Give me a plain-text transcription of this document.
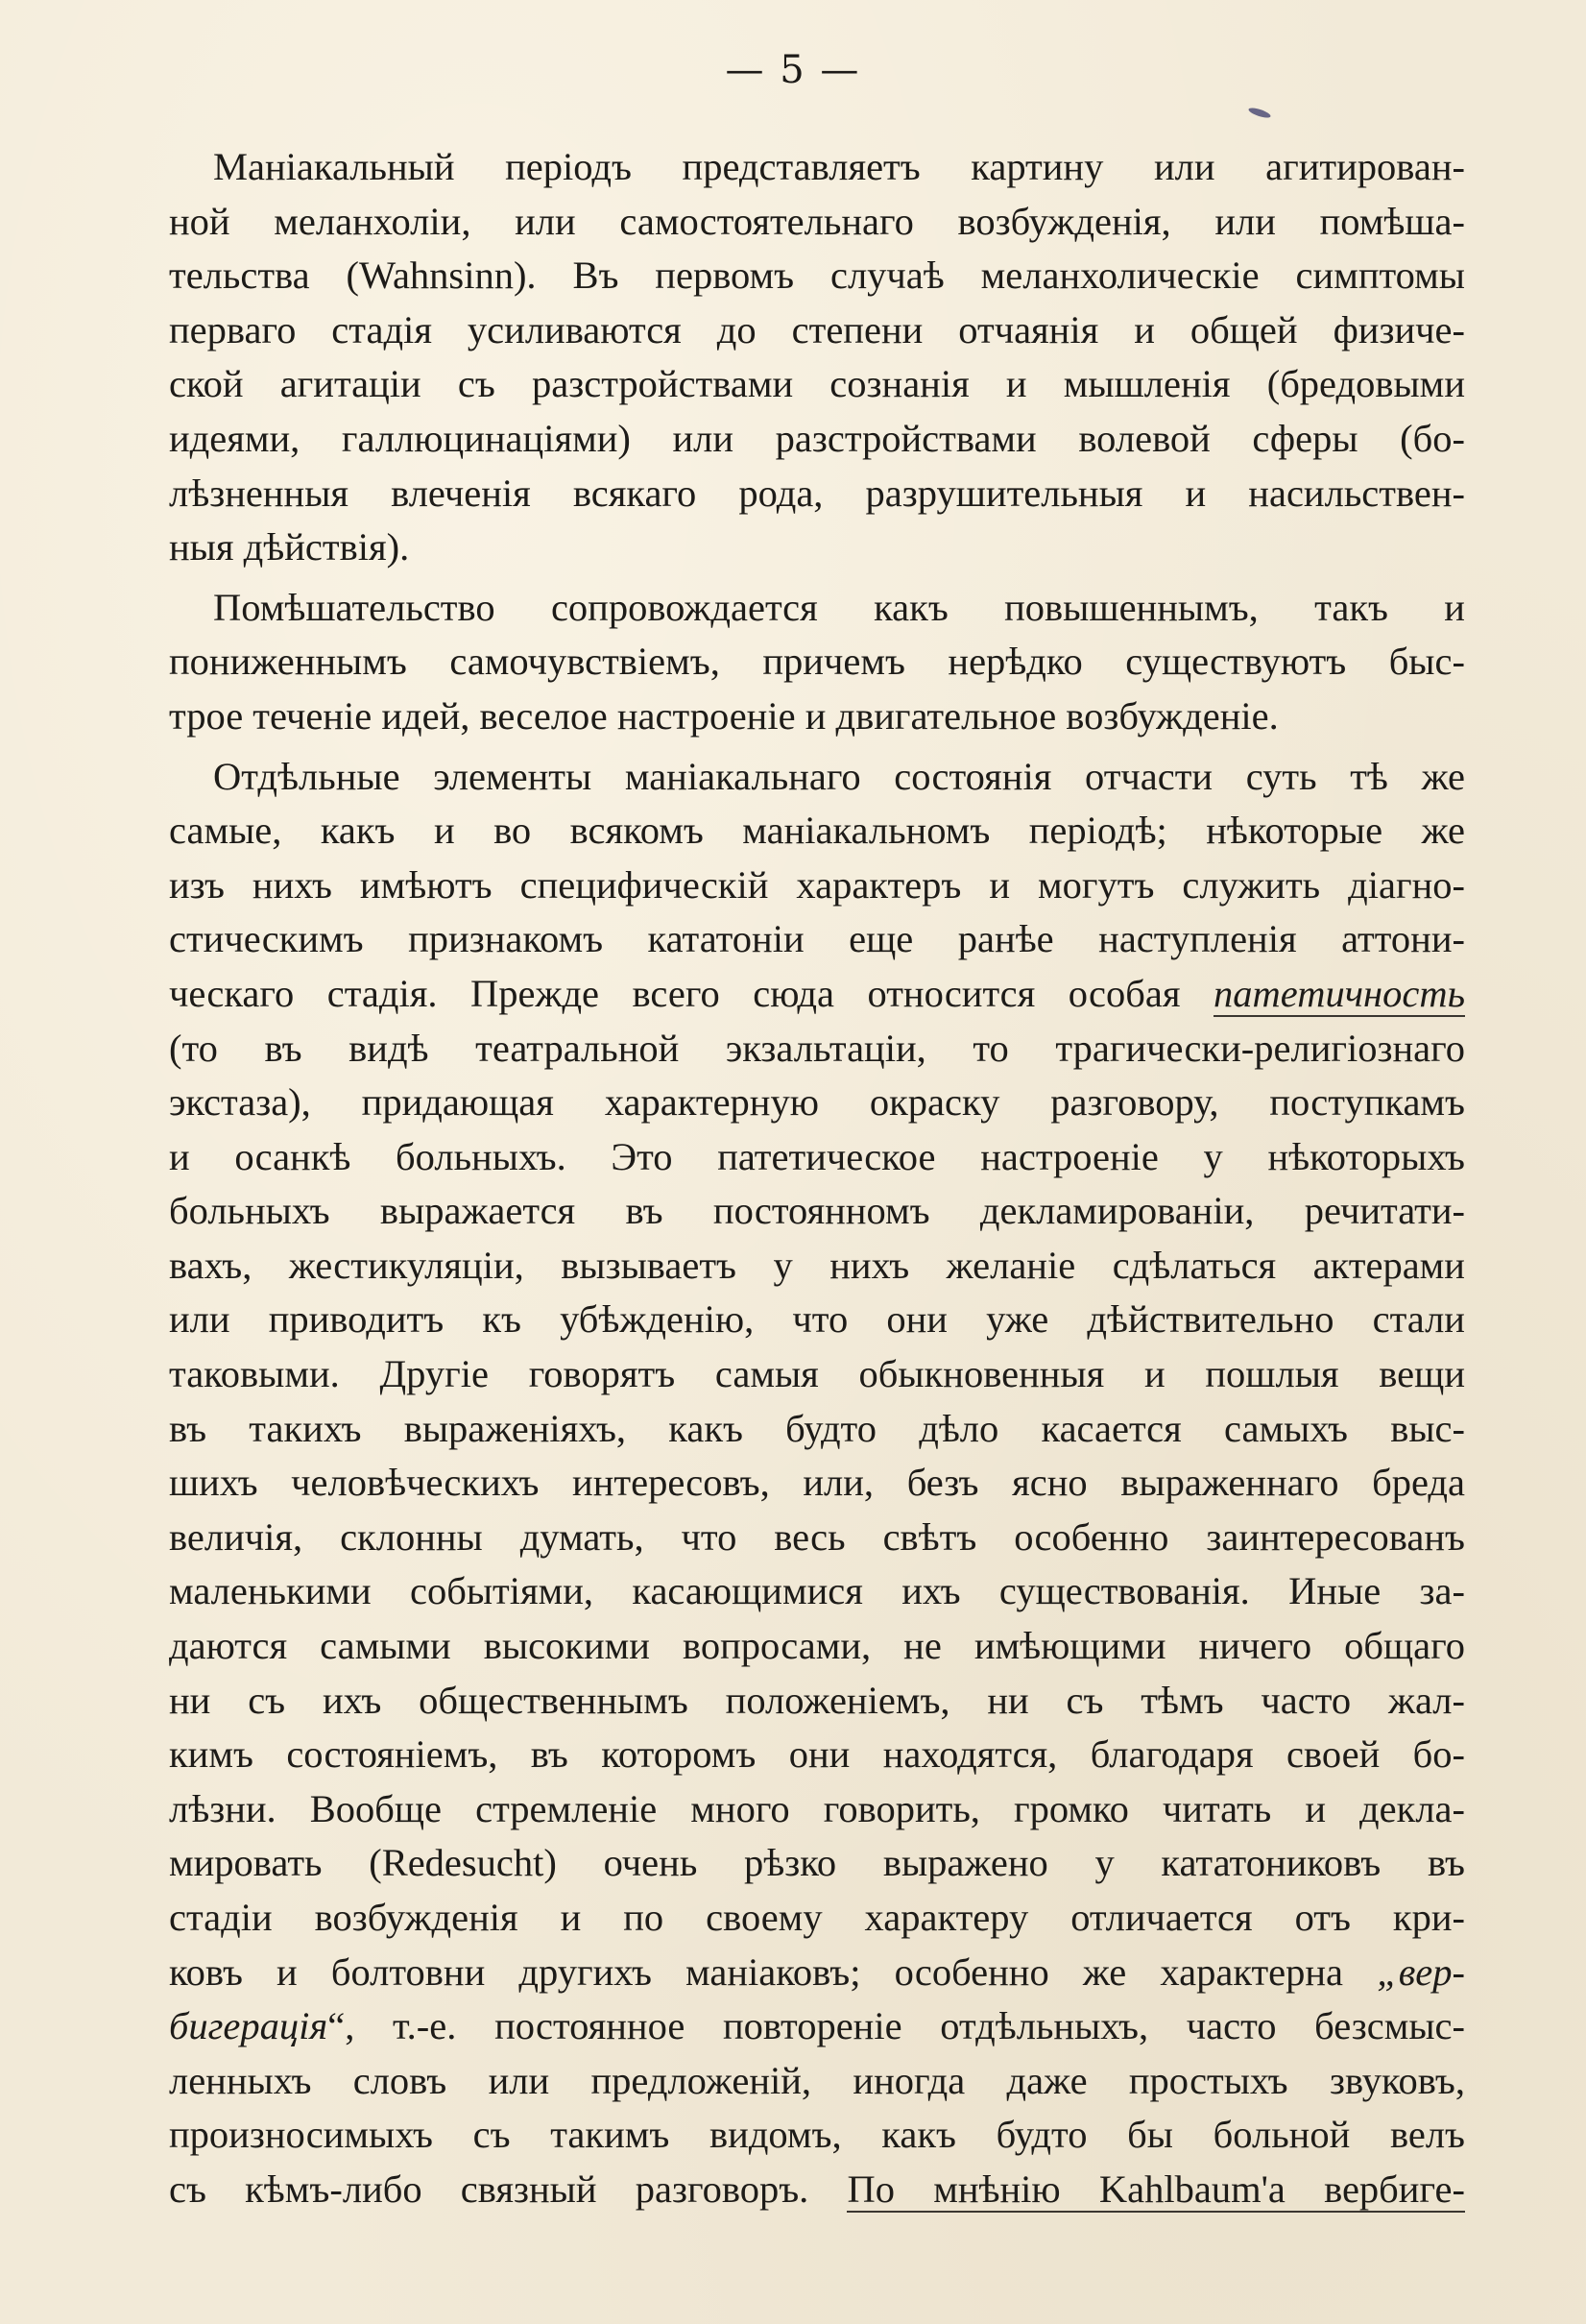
— 5 —
Маніакальный періодъ представляетъ картину или агитирован-
ной меланхоліи, или самостоятельнаго возбужденія, или помѣша-
тельства (Wahnsinn). Въ первомъ случаѣ меланхолическіе симптомы
перваго стадія усиливаются до степени отчаянія и общей физиче-
ской агитаціи съ разстройствами сознанія и мышленія (бредовыми
идеями, галлюцинаціями) или разстройствами волевой сферы (бо-
лѣзненныя влеченія всякаго рода, разрушительныя и насильствен-
ныя дѣйствія).
Помѣшательство сопровождается какъ повышеннымъ, такъ и
пониженнымъ самочувствіемъ, причемъ нерѣдко существуютъ быс-
трое теченіе идей, веселое настроеніе и двигательное возбужденіе.
Отдѣльные элементы маніакальнаго состоянія отчасти суть тѣ же
самые, какъ и во всякомъ маніакальномъ періодѣ; нѣкоторые же
изъ нихъ имѣютъ специфическій характеръ и могутъ служить діагно-
стическимъ признакомъ кататоніи еще ранѣе наступленія аттони-
ческаго стадія. Прежде всего сюда относится особая патетичность
(то въ видѣ театральной экзальтаціи, то трагически-религіознаго
экстаза), придающая характерную окраску разговору, поступкамъ
и осанкѣ больныхъ. Это патетическое настроеніе у нѣкоторыхъ
больныхъ выражается въ постоянномъ декламированіи, речитати-
вахъ, жестикуляціи, вызываетъ у нихъ желаніе сдѣлаться актерами
или приводитъ къ убѣжденію, что они уже дѣйствительно стали
таковыми. Другіе говорятъ самыя обыкновенныя и пошлыя вещи
въ такихъ выраженіяхъ, какъ будто дѣло касается самыхъ выс-
шихъ человѣческихъ интересовъ, или, безъ ясно выраженнаго бреда
величія, склонны думать, что весь свѣтъ особенно заинтересованъ
маленькими событіями, касающимися ихъ существованія. Иные за-
даются самыми высокими вопросами, не имѣющими ничего общаго
ни съ ихъ общественнымъ положеніемъ, ни съ тѣмъ часто жал-
кимъ состояніемъ, въ которомъ они находятся, благодаря своей бо-
лѣзни. Вообще стремленіе много говорить, громко читать и декла-
мировать (Redesucht) очень рѣзко выражено у кататониковъ въ
стадіи возбужденія и по своему характеру отличается отъ кри-
ковъ и болтовни другихъ маніаковъ; особенно же характерна „вер-
бигерація“, т.-е. постоянное повтореніе отдѣльныхъ, часто безсмыс-
ленныхъ словъ или предложеній, иногда даже простыхъ звуковъ,
произносимыхъ съ такимъ видомъ, какъ будто бы больной велъ
съ кѣмъ-либо связный разговоръ. По мнѣнію Kahlbaum'a вербиге-
